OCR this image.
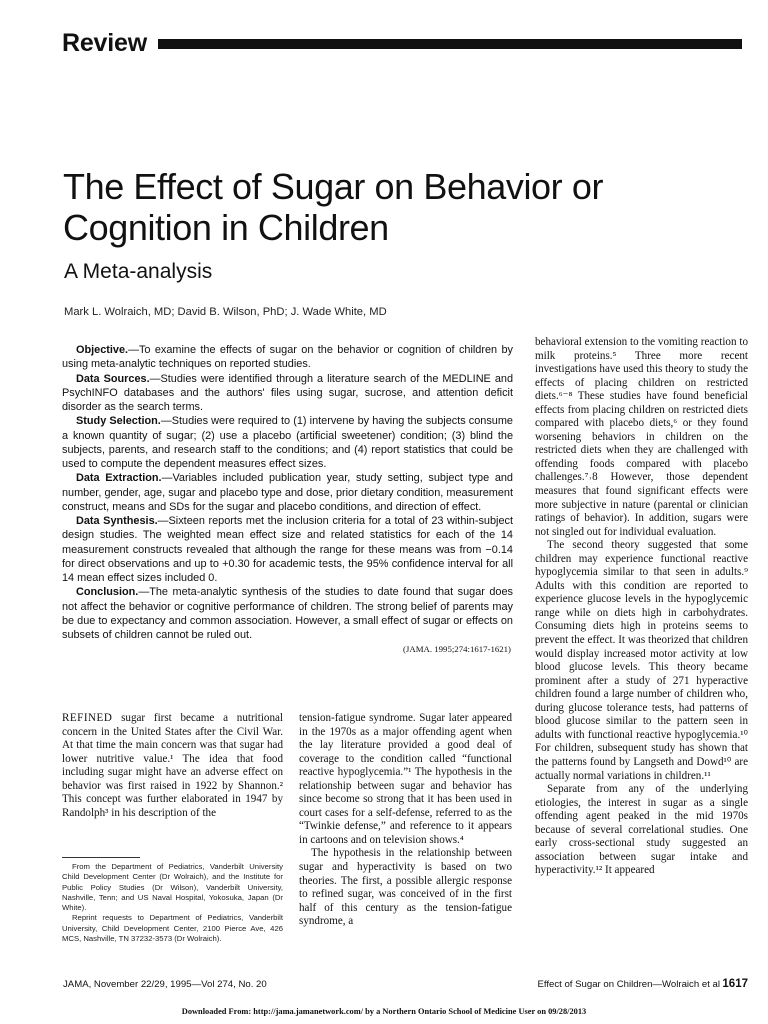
Review
The Effect of Sugar on Behavior or Cognition in Children
A Meta-analysis
Mark L. Wolraich, MD; David B. Wilson, PhD; J. Wade White, MD

Objective.—To examine the effects of sugar on the behavior or cognition of children by using meta-analytic techniques on reported studies.

Data Sources.—Studies were identified through a literature search of the MEDLINE and PsychINFO databases and the authors' files using sugar, sucrose, and attention deficit disorder as the search terms.

Study Selection.—Studies were required to (1) intervene by having the subjects consume a known quantity of sugar; (2) use a placebo (artificial sweetener) condition; (3) blind the subjects, parents, and research staff to the conditions; and (4) report statistics that could be used to compute the dependent measures effect sizes.

Data Extraction.—Variables included publication year, study setting, subject type and number, gender, age, sugar and placebo type and dose, prior dietary condition, measurement construct, means and SDs for the sugar and placebo conditions, and direction of effect.

Data Synthesis.—Sixteen reports met the inclusion criteria for a total of 23 within-subject design studies. The weighted mean effect size and related statistics for each of the 14 measurement constructs revealed that although the range for these means was from −0.14 for direct observations and up to +0.30 for academic tests, the 95% confidence interval for all 14 mean effect sizes included 0.

Conclusion.—The meta-analytic synthesis of the studies to date found that sugar does not affect the behavior or cognitive performance of children. The strong belief of parents may be due to expectancy and common association. However, a small effect of sugar or effects on subsets of children cannot be ruled out.

(JAMA. 1995;274:1617-1621)

REFINED sugar first became a nutritional concern in the United States after the Civil War. At that time the main concern was that sugar had lower nutritive value.¹ The idea that food including sugar might have an adverse effect on behavior was first raised in 1922 by Shannon.² This concept was further elaborated in 1947 by Randolph³ in his description of the

tension-fatigue syndrome. Sugar later appeared in the 1970s as a major offending agent when the lay literature provided a good deal of coverage to the condition called “functional reactive hypoglycemia.”¹ The hypothesis in the relationship between sugar and behavior has since become so strong that it has been used in court cases for a self-defense, referred to as the “Twinkie defense,” and reference to it appears in cartoons and on television shows.⁴

The hypothesis in the relationship between sugar and hyperactivity is based on two theories. The first, a possible allergic response to refined sugar, was conceived of in the first half of this century as the tension-fatigue syndrome, a

behavioral extension to the vomiting reaction to milk proteins.⁵ Three more recent investigations have used this theory to study the effects of placing children on restricted diets.⁶⁻⁸ These studies have found beneficial effects from placing children on restricted diets compared with placebo diets,⁶ or they found worsening behaviors in children on the restricted diets when they are challenged with offending foods compared with placebo challenges.⁷˒8 However, those dependent measures that found significant effects were more subjective in nature (parental or clinician ratings of behavior). In addition, sugars were not singled out for individual evaluation.

The second theory suggested that some children may experience functional reactive hypoglycemia similar to that seen in adults.⁹ Adults with this condition are reported to experience glucose levels in the hypoglycemic range while on diets high in carbohydrates. Consuming diets high in proteins seems to prevent the effect. It was theorized that children would display increased motor activity at low blood glucose levels. This theory became prominent after a study of 271 hyperactive children found a large number of children who, during glucose tolerance tests, had patterns of blood glucose similar to the pattern seen in adults with functional reactive hypoglycemia.¹⁰ For children, subsequent study has shown that the patterns found by Langseth and Dowd¹⁰ are actually normal variations in children.¹¹

Separate from any of the underlying etiologies, the interest in sugar as a single offending agent peaked in the mid 1970s because of several correlational studies. One early cross-sectional study suggested an association between sugar intake and hyperactivity.¹² It appeared

From the Department of Pediatrics, Vanderbilt University Child Development Center (Dr Wolraich), and the Institute for Public Policy Studies (Dr Wilson), Vanderbilt University, Nashville, Tenn; and US Naval Hospital, Yokosuka, Japan (Dr White).

Reprint requests to Department of Pediatrics, Vanderbilt University, Child Development Center, 2100 Pierce Ave, 426 MCS, Nashville, TN 37232-3573 (Dr Wolraich).

JAMA, November 22/29, 1995—Vol 274, No. 20	Effect of Sugar on Children—Wolraich et al 1617
Downloaded From: http://jama.jamanetwork.com/ by a Northern Ontario School of Medicine User on 09/28/2013
